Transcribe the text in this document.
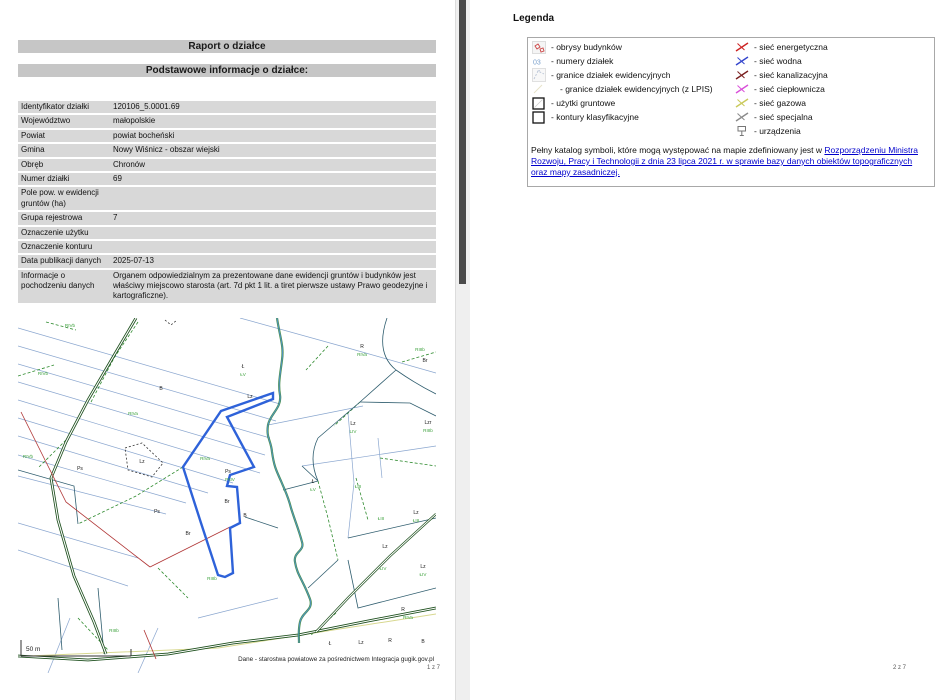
Raport o działce
Podstawowe informacje o działce:
Identyfikator działki	120106_5.0001.69
Województwo	małopolskie
Powiat	powiat bocheński
Gmina	Nowy Wiśnicz - obszar wiejski
Obręb	Chronów
Numer działki	69
Pole pow. w ewidencji gruntów (ha)	
Grupa rejestrowa	7
Oznaczenie użytku	
Oznaczenie konturu	
Data publikacji danych	2025-07-13
Informacje o pochodzeniu danych	Organem odpowiedzialnym za prezentowane dane ewidencji gruntów i budynków jest właściwy miejscowo starosta (art. 7d pkt 1 lit. a tiret pierwsze ustawy Prawo geodezyjne i kartograficzne).
RIVb
RIVb
RIVb
RIVa
B
R
RIVa
RIIIb
Br
Ł
ŁV
Lz
Lz
LIV
Lzr
RIIIb
RIVa
Ps
PsIV
Br
B
Br
Ps
Ps
Lz
RIIIb
RIIIb
Ł
ŁV
ŁIII
ŁIII
Lz
ŁIII
Lz
ŁIV	Lz
ŁIV
R
RIVa
Ł	Lz	R	B
50 m
Dane - starostwa powiatowe za pośrednictwem Integracja gugik.gov.pl
1 z 7
Legenda
- obrysy budynków
03 - numery działek
- granice działek ewidencyjnych
- granice działek ewidencyjnych (z LPIS)
- użytki gruntowe
- kontury klasyfikacyjne
- sieć energetyczna
- sieć wodna
- sieć kanalizacyjna
- sieć ciepłownicza
- sieć gazowa
- sieć specjalna
- urządzenia
Pełny katalog symboli, które mogą występować na mapie zdefiniowany jest w Rozporządzeniu Ministra Rozwoju, Pracy i Technologii z dnia 23 lipca 2021 r. w sprawie bazy danych obiektów topograficznych oraz mapy zasadniczej.
2 z 7
